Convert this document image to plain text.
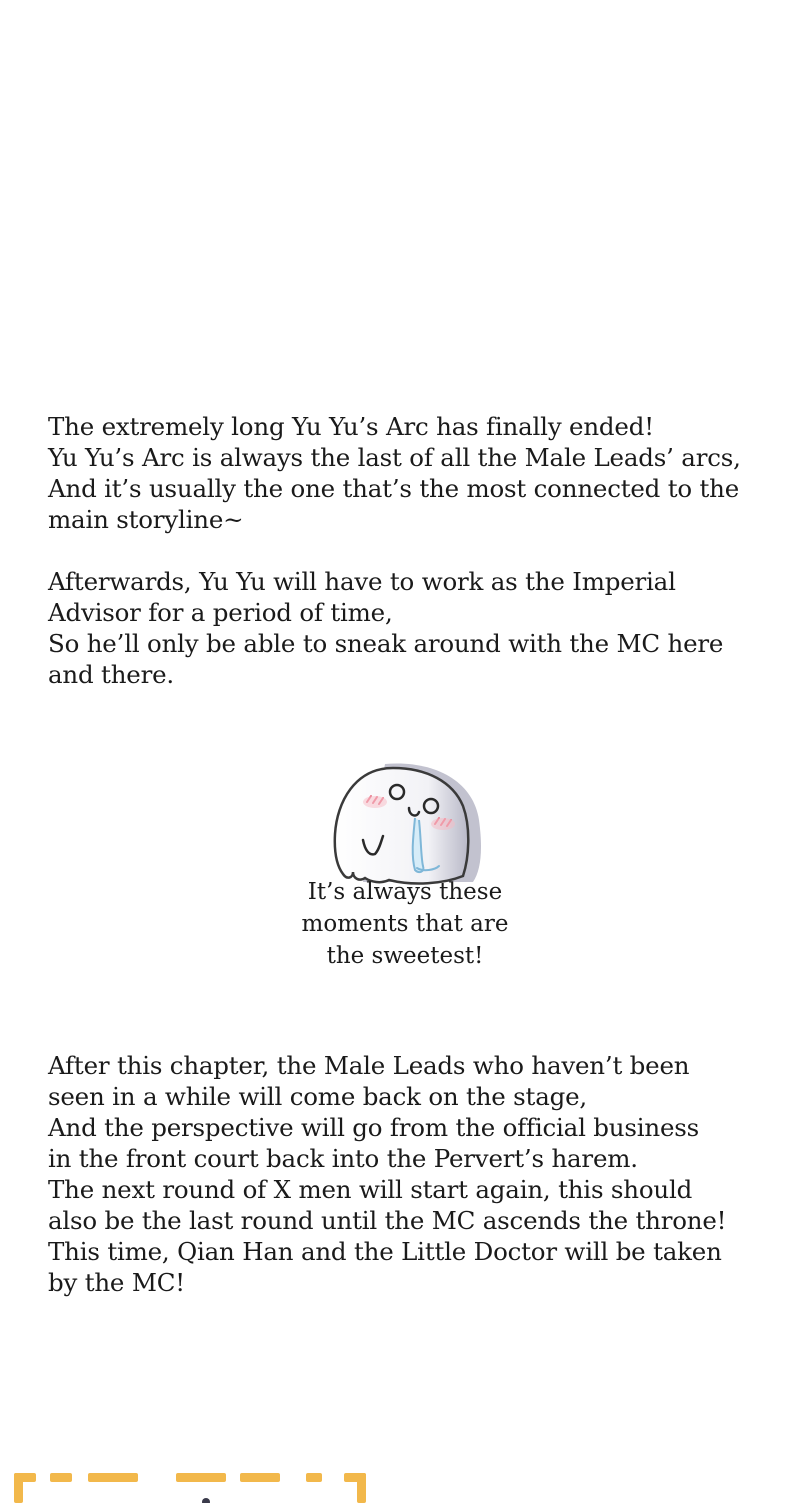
The extremely long Yu Yu’s Arc has finally ended!
Yu Yu’s Arc is always the last of all the Male Leads’ arcs,
And it’s usually the one that’s the most connected to the
main storyline~
Afterwards, Yu Yu will have to work as the Imperial
Advisor for a period of time,
So he’ll only be able to sneak around with the MC here
and there.
It’s always these
moments that are
the sweetest!
After this chapter, the Male Leads who haven’t been
seen in a while will come back on the stage,
And the perspective will go from the official business
in the front court back into the Pervert’s harem.
The next round of X men will start again, this should
also be the last round until the MC ascends the throne!
This time, Qian Han and the Little Doctor will be taken
by the MC!
